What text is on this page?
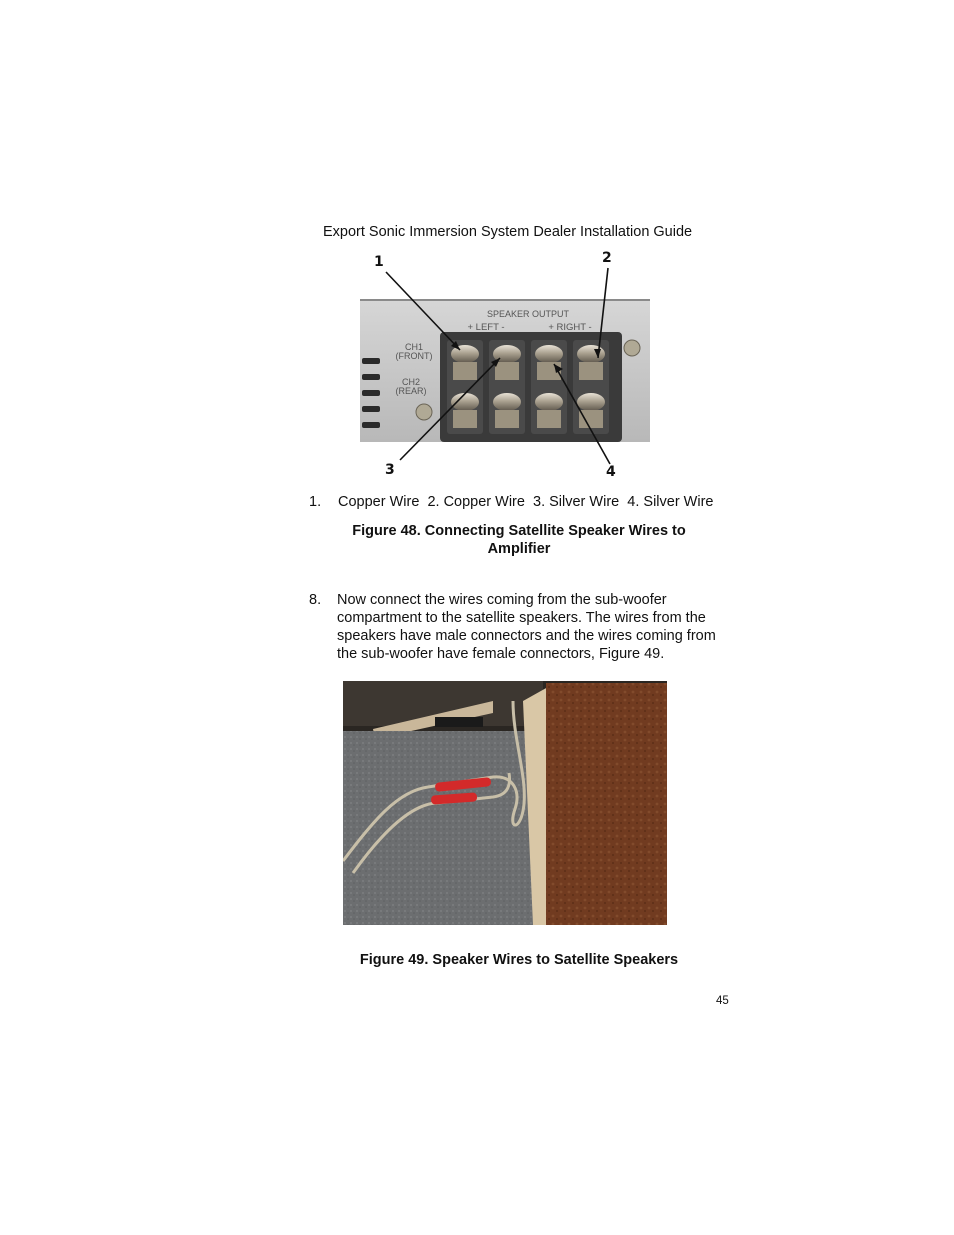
Export Sonic Immersion System Dealer Installation Guide
SPEAKER OUTPUT
+ LEFT -	+ RIGHT -
CH1
(FRONT)
CH2
(REAR)
1	2
3	4
1. Copper Wire  2. Copper Wire  3. Silver Wire  4. Silver Wire
Figure 48. Connecting Satellite Speaker Wires to
Amplifier
8. Now connect the wires coming from the sub-woofer compartment to the satellite speakers. The wires from the speakers have male connectors and the wires coming from the sub-woofer have female connectors, Figure 49.
Figure 49. Speaker Wires to Satellite Speakers
45
